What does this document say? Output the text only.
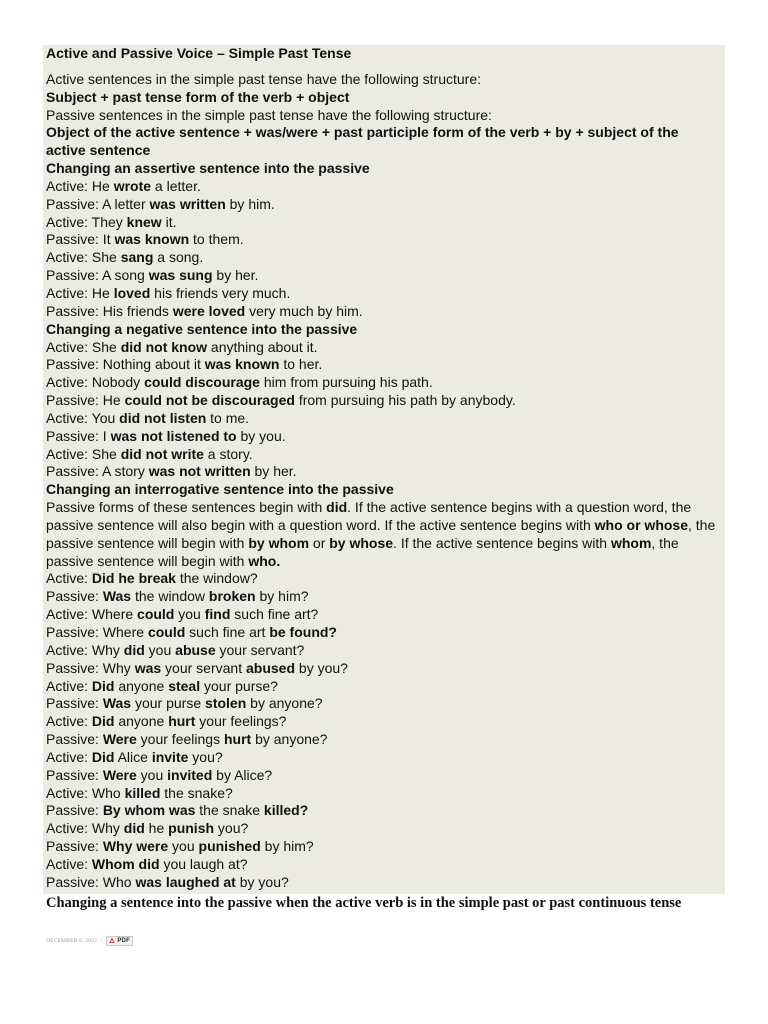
Active and Passive Voice – Simple Past Tense
Active sentences in the simple past tense have the following structure:
Subject + past tense form of the verb + object
Passive sentences in the simple past tense have the following structure:
Object of the active sentence + was/were + past participle form of the verb + by + subject of the active sentence
Changing an assertive sentence into the passive
Active: He wrote a letter.
Passive: A letter was written by him.
Active: They knew it.
Passive: It was known to them.
Active: She sang a song.
Passive: A song was sung by her.
Active: He loved his friends very much.
Passive: His friends were loved very much by him.
Changing a negative sentence into the passive
Active: She did not know anything about it.
Passive: Nothing about it was known to her.
Active: Nobody could discourage him from pursuing his path.
Passive: He could not be discouraged from pursuing his path by anybody.
Active: You did not listen to me.
Passive: I was not listened to by you.
Active: She did not write a story.
Passive: A story was not written by her.
Changing an interrogative sentence into the passive
Passive forms of these sentences begin with did. If the active sentence begins with a question word, the passive sentence will also begin with a question word. If the active sentence begins with who or whose, the passive sentence will begin with by whom or by whose. If the active sentence begins with whom, the passive sentence will begin with who.
Active: Did he break the window?
Passive: Was the window broken by him?
Active: Where could you find such fine art?
Passive: Where could such fine art be found?
Active: Why did you abuse your servant?
Passive: Why was your servant abused by you?
Active: Did anyone steal your purse?
Passive: Was your purse stolen by anyone?
Active: Did anyone hurt your feelings?
Passive: Were your feelings hurt by anyone?
Active: Did Alice invite you?
Passive: Were you invited by Alice?
Active: Who killed the snake?
Passive: By whom was the snake killed?
Active: Why did he punish you?
Passive: Why were you punished by him?
Active: Whom did you laugh at?
Passive: Who was laughed at by you?
Changing a sentence into the passive when the active verb is in the simple past or past continuous tense
DECEMBER 8, 2022 |	PDF
